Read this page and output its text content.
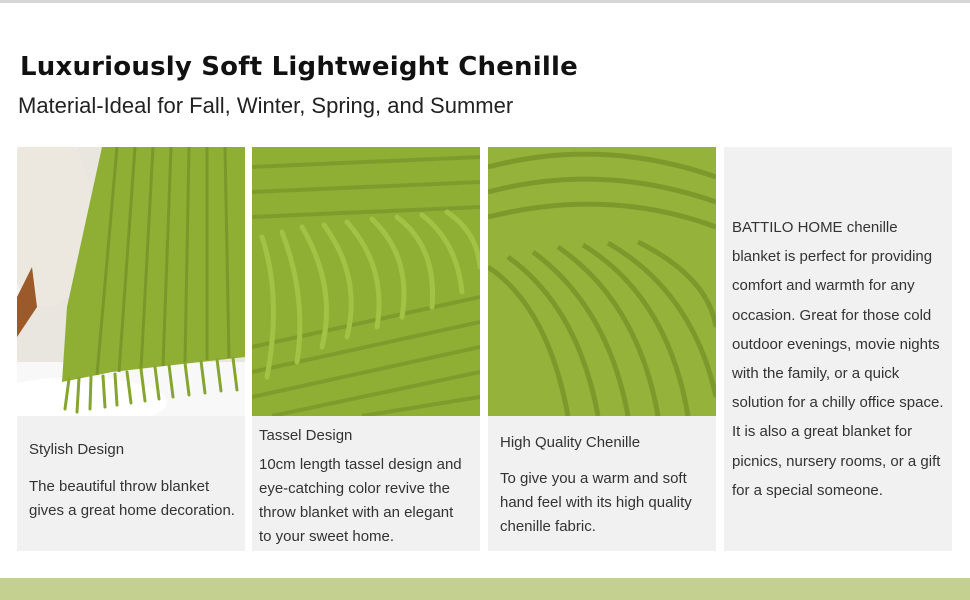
Luxuriously Soft Lightweight Chenille
Material-Ideal for Fall, Winter, Spring, and Summer
Stylish Design
The beautiful throw blanket
gives a great home decoration.
Tassel Design
10cm length tassel design and
eye-catching color revive the
throw blanket with an elegant
to your sweet home.
High Quality Chenille
To give you a warm and soft
hand feel with its high quality
chenille fabric.
BATTILO HOME chenille blanket is perfect for providing comfort and warmth for any occasion. Great for those cold outdoor evenings, movie nights with the family, or a quick solution for a chilly office space. It is also a great blanket for picnics, nursery rooms, or a gift for a special someone.
